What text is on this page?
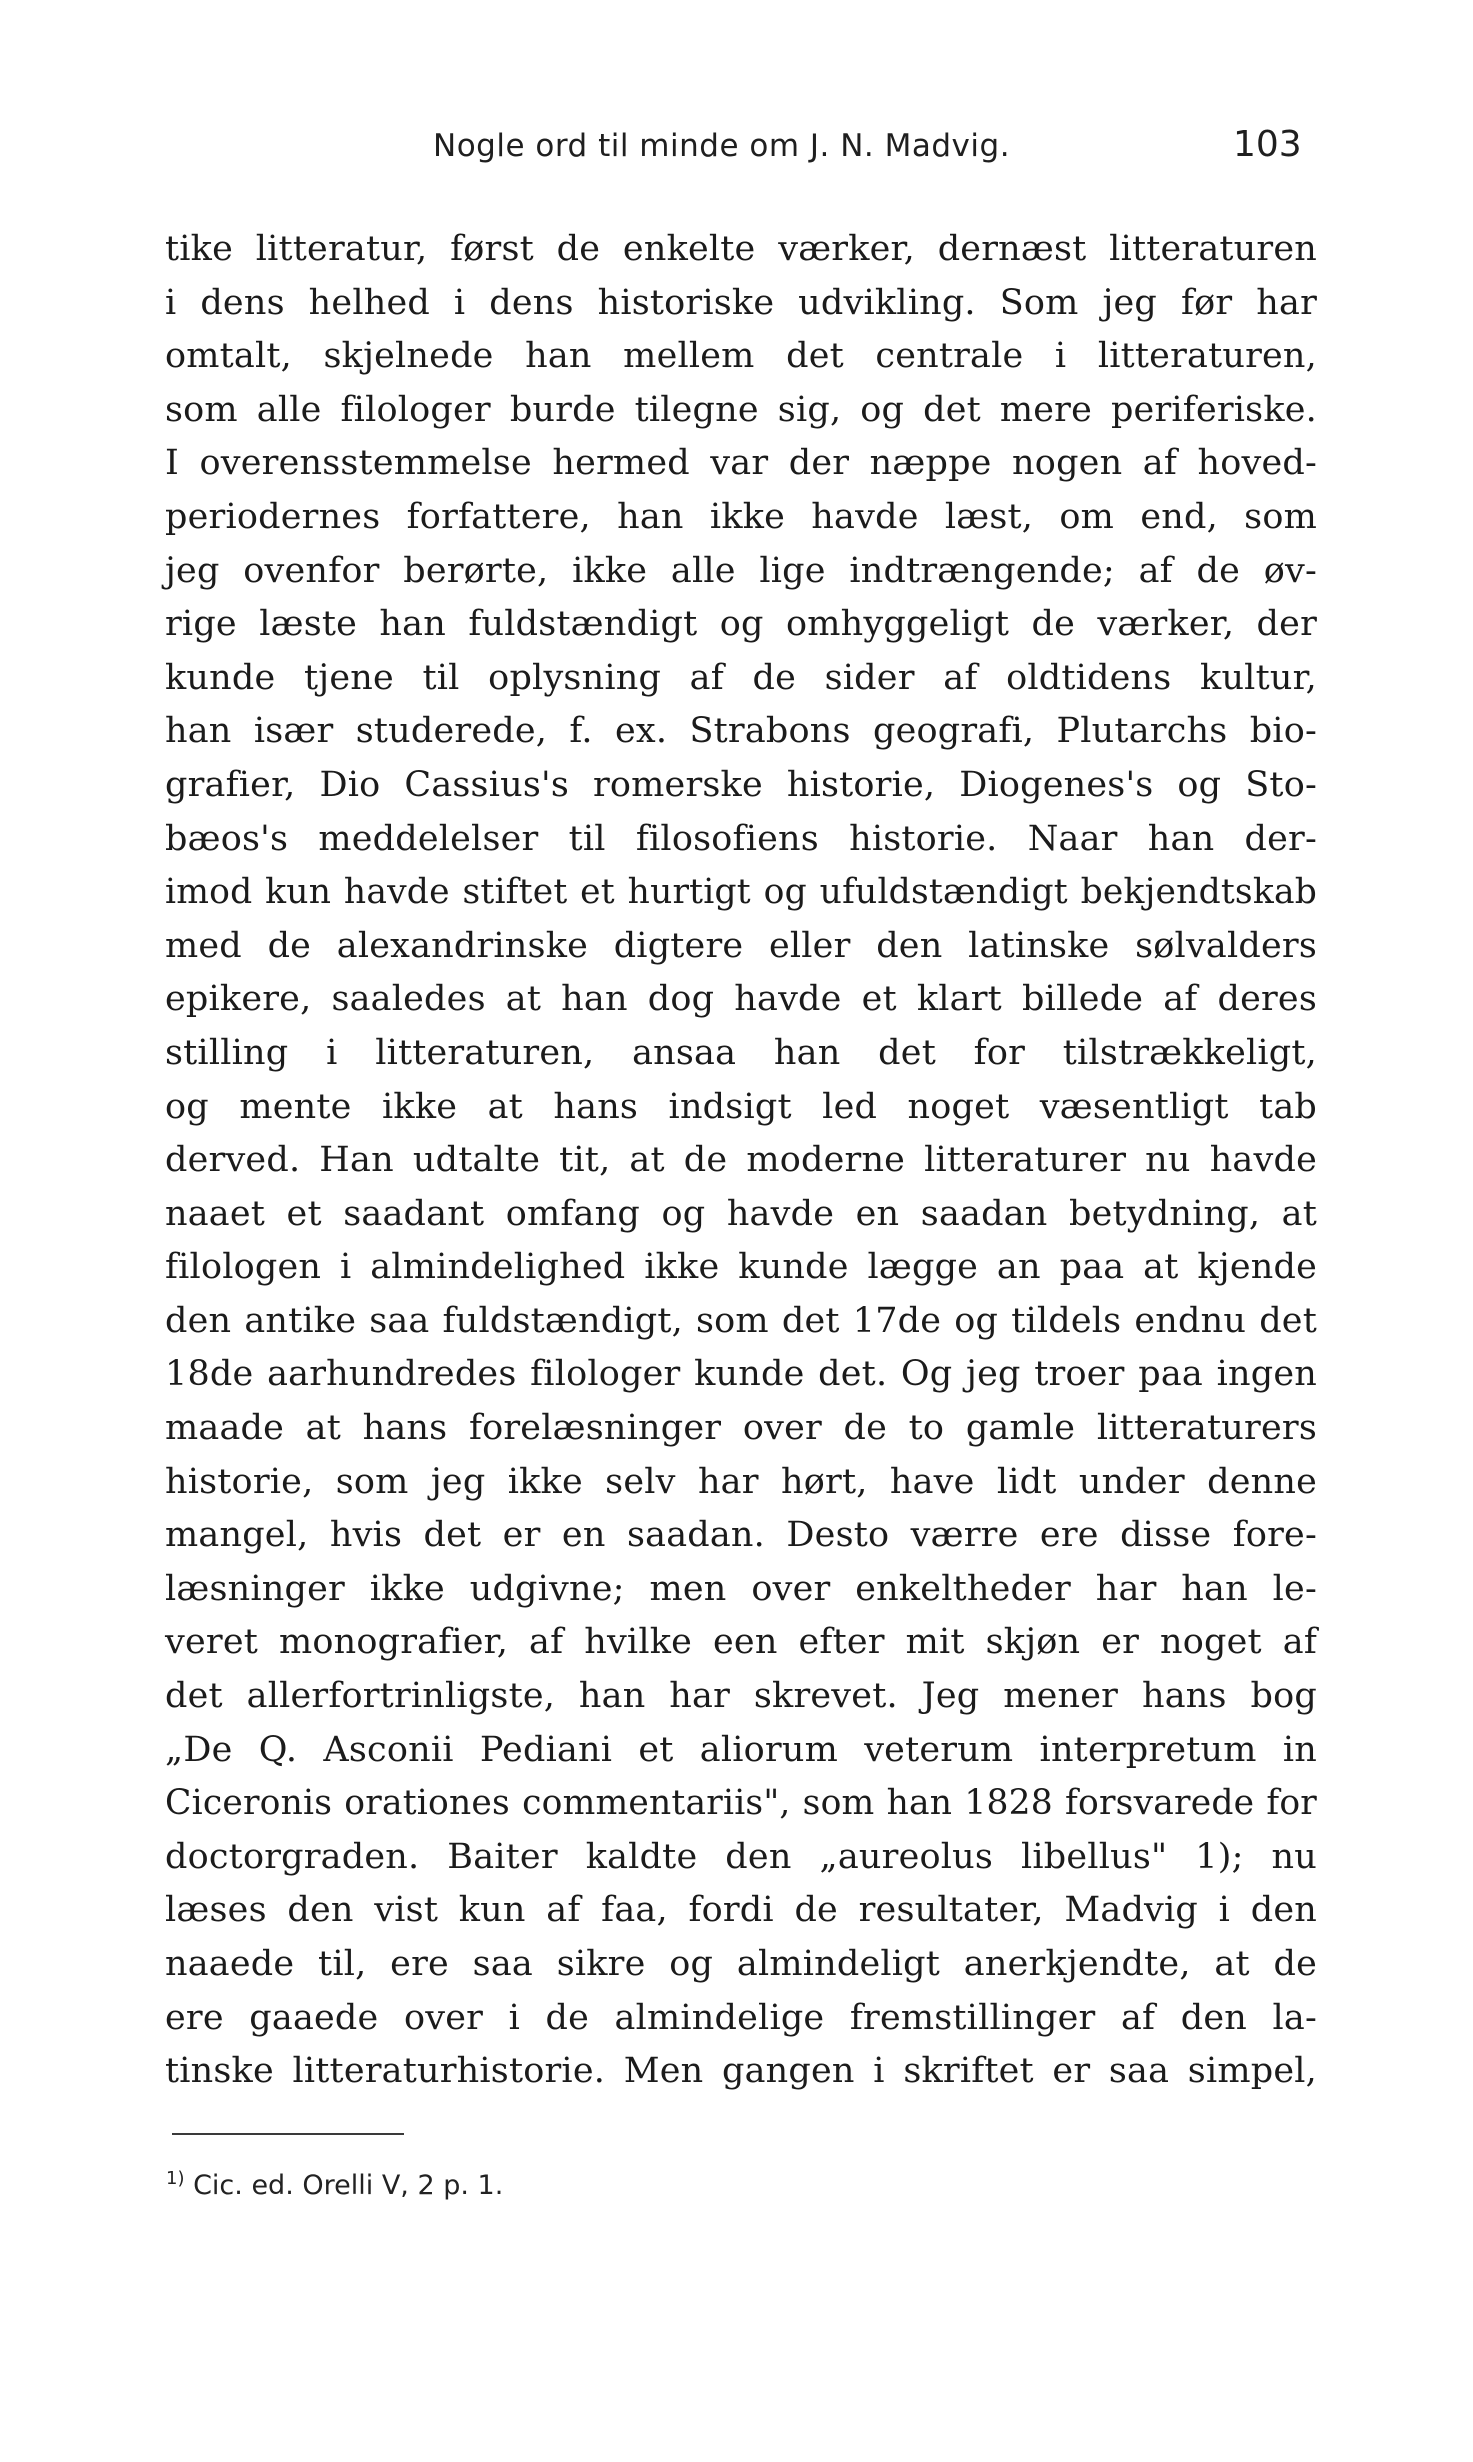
Nogle ord til minde om J. N. Madvig.	103
tike litteratur, først de enkelte værker, dernæst litteraturen
i dens helhed i dens historiske udvikling. Som jeg før har
omtalt, skjelnede han mellem det centrale i litteraturen,
som alle filologer burde tilegne sig, og det mere periferiske.
I overensstemmelse hermed var der næppe nogen af hoved-
periodernes forfattere, han ikke havde læst, om end, som
jeg ovenfor berørte, ikke alle lige indtrængende; af de øv-
rige læste han fuldstændigt og omhyggeligt de værker, der
kunde tjene til oplysning af de sider af oldtidens kultur,
han især studerede, f. ex. Strabons geografi, Plutarchs bio-
grafier, Dio Cassius's romerske historie, Diogenes's og Sto-
bæos's meddelelser til filosofiens historie. Naar han der-
imod kun havde stiftet et hurtigt og ufuldstændigt bekjendtskab
med de alexandrinske digtere eller den latinske sølvalders
epikere, saaledes at han dog havde et klart billede af deres
stilling i litteraturen, ansaa han det for tilstrækkeligt,
og mente ikke at hans indsigt led noget væsentligt tab
derved. Han udtalte tit, at de moderne litteraturer nu havde
naaet et saadant omfang og havde en saadan betydning, at
filologen i almindelighed ikke kunde lægge an paa at kjende
den antike saa fuldstændigt, som det 17de og tildels endnu det
18de aarhundredes filologer kunde det. Og jeg troer paa ingen
maade at hans forelæsninger over de to gamle litteraturers
historie, som jeg ikke selv har hørt, have lidt under denne
mangel, hvis det er en saadan. Desto værre ere disse fore-
læsninger ikke udgivne; men over enkeltheder har han le-
veret monografier, af hvilke een efter mit skjøn er noget af
det allerfortrinligste, han har skrevet. Jeg mener hans bog
„De Q. Asconii Pediani et aliorum veterum interpretum in
Ciceronis orationes commentariis", som han 1828 forsvarede for
doctorgraden. Baiter kaldte den „aureolus libellus" 1); nu
læses den vist kun af faa, fordi de resultater, Madvig i den
naaede til, ere saa sikre og almindeligt anerkjendte, at de
ere gaaede over i de almindelige fremstillinger af den la-
tinske litteraturhistorie. Men gangen i skriftet er saa simpel,
$^{1)}$ Cic. ed. Orelli V, 2 p. 1.
